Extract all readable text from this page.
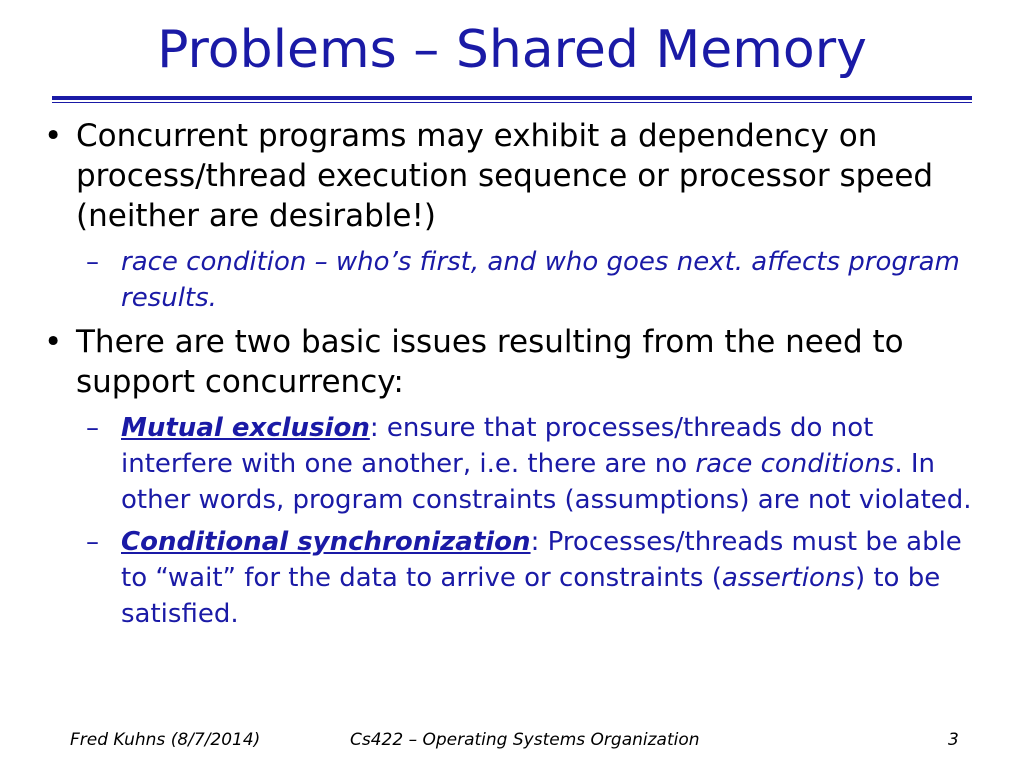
Problems – Shared Memory
• Concurrent programs may exhibit a dependency on process/thread execution sequence or processor speed (neither are desirable!)
– race condition – who’s first, and who goes next. affects program results.
• There are two basic issues resulting from the need to support concurrency:
– Mutual exclusion: ensure that processes/threads do not interfere with one another, i.e. there are no race conditions. In other words, program constraints (assumptions) are not violated.
– Conditional synchronization: Processes/threads must be able to “wait” for the data to arrive or constraints (assertions) to be satisfied.
Fred Kuhns (8/7/2014)	Cs422 – Operating Systems Organization	3
